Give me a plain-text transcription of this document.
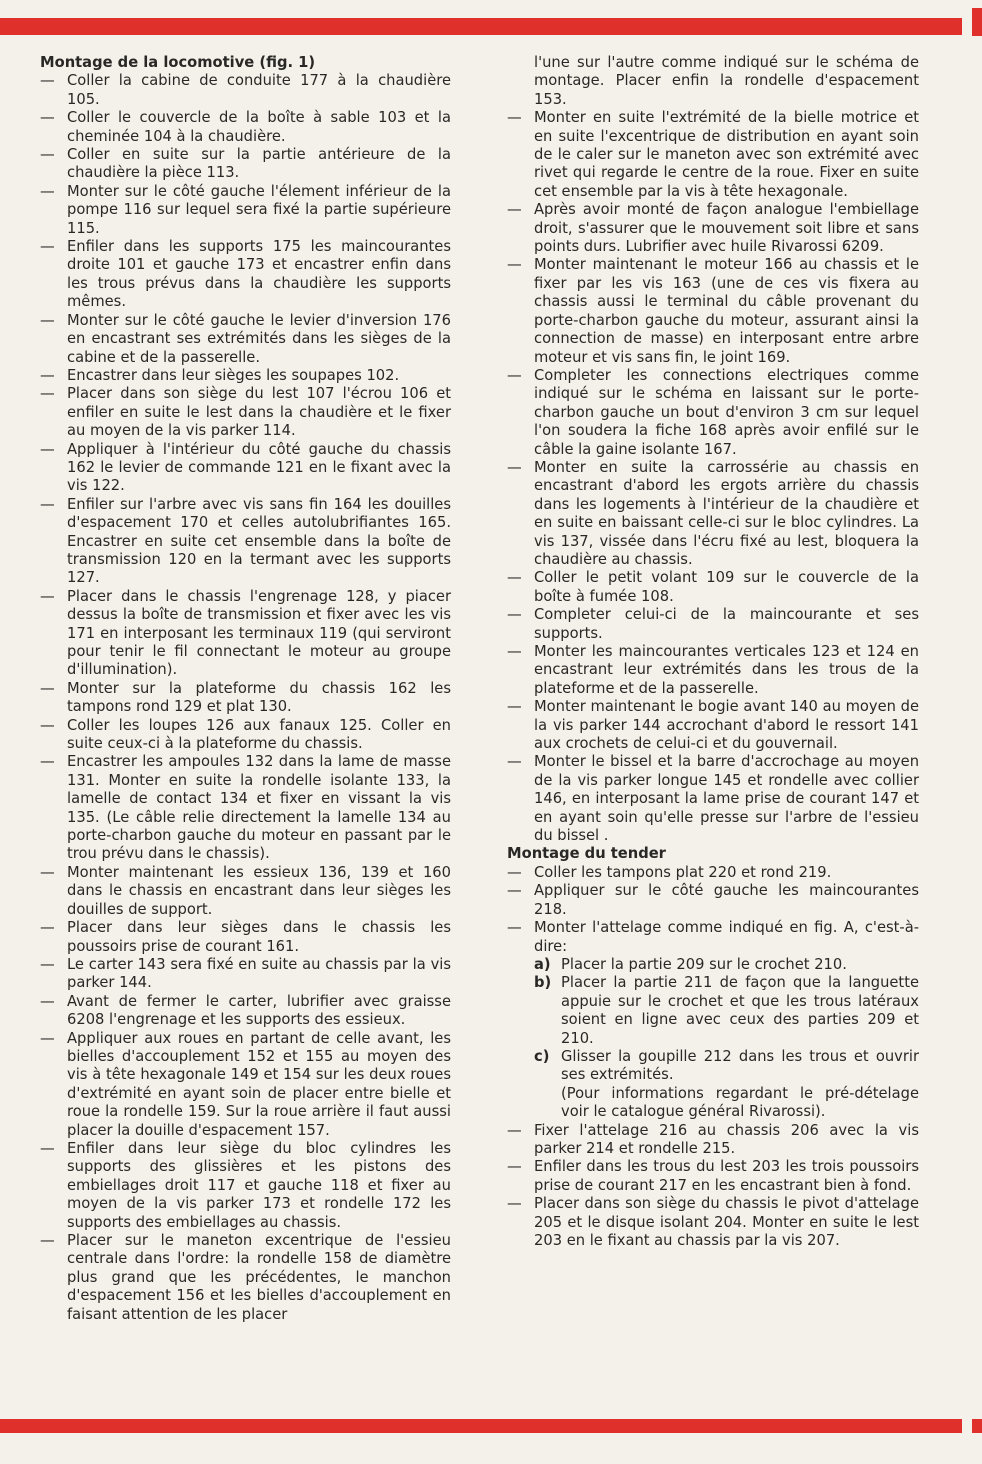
Montage de la locomotive (fig. 1)
— Coller la cabine de conduite 177 à la chaudière 105.
— Coller le couvercle de la boîte à sable 103 et la cheminée 104 à la chaudière.
— Coller en suite sur la partie antérieure de la chaudière la pièce 113.
— Monter sur le côté gauche l'élement inférieur de la pompe 116 sur lequel sera fixé la partie supérieure 115.
— Enfiler dans les supports 175 les maincourantes droite 101 et gauche 173 et encastrer enfin dans les trous prévus dans la chaudière les supports mêmes.
— Monter sur le côté gauche le levier d'inversion 176 en encastrant ses extrémités dans les sièges de la cabine et de la passerelle.
— Encastrer dans leur sièges les soupapes 102.
— Placer dans son siège du lest 107 l'écrou 106 et enfiler en suite le lest dans la chaudière et le fixer au moyen de la vis parker 114.
— Appliquer à l'intérieur du côté gauche du chassis 162 le levier de commande 121 en le fixant avec la vis 122.
— Enfiler sur l'arbre avec vis sans fin 164 les douilles d'espacement 170 et celles autolubrifiantes 165. Encastrer en suite cet ensemble dans la boîte de transmission 120 en la termant avec les supports 127.
— Placer dans le chassis l'engrenage 128, y piacer dessus la boîte de transmission et fixer avec les vis 171 en interposant les terminaux 119 (qui serviront pour tenir le fil connectant le moteur au groupe d'illumination).
— Monter sur la plateforme du chassis 162 les tampons rond 129 et plat 130.
— Coller les loupes 126 aux fanaux 125. Coller en suite ceux-ci à la plateforme du chassis.
— Encastrer les ampoules 132 dans la lame de masse 131. Monter en suite la rondelle isolante 133, la lamelle de contact 134 et fixer en vissant la vis 135. (Le câble relie directement la lamelle 134 au porte-charbon gauche du moteur en passant par le trou prévu dans le chassis).
— Monter maintenant les essieux 136, 139 et 160 dans le chassis en encastrant dans leur sièges les douilles de support.
— Placer dans leur sièges dans le chassis les poussoirs prise de courant 161.
— Le carter 143 sera fixé en suite au chassis par la vis parker 144.
— Avant de fermer le carter, lubrifier avec graisse 6208 l'engrenage et les supports des essieux.
— Appliquer aux roues en partant de celle avant, les bielles d'accouplement 152 et 155 au moyen des vis à tête hexagonale 149 et 154 sur les deux roues d'extrémité en ayant soin de placer entre bielle et roue la rondelle 159. Sur la roue arrière il faut aussi placer la douille d'espacement 157.
— Enfiler dans leur siège du bloc cylindres les supports des glissières et les pistons des embiellages droit 117 et gauche 118 et fixer au moyen de la vis parker 173 et rondelle 172 les supports des embiellages au chassis.
— Placer sur le maneton excentrique de l'essieu centrale dans l'ordre: la rondelle 158 de diamètre plus grand que les précédentes, le manchon d'espacement 156 et les bielles d'accouplement en faisant attention de les placer
l'une sur l'autre comme indiqué sur le schéma de montage. Placer enfin la rondelle d'espacement 153.
— Monter en suite l'extrémité de la bielle motrice et en suite l'excentrique de distribution en ayant soin de le caler sur le maneton avec son extrémité avec rivet qui regarde le centre de la roue. Fixer en suite cet ensemble par la vis à tête hexagonale.
— Après avoir monté de façon analogue l'embiellage droit, s'assurer que le mouvement soit libre et sans points durs. Lubrifier avec huile Rivarossi 6209.
— Monter maintenant le moteur 166 au chassis et le fixer par les vis 163 (une de ces vis fixera au chassis aussi le terminal du câble provenant du porte-charbon gauche du moteur, assurant ainsi la connection de masse) en interposant entre arbre moteur et vis sans fin, le joint 169.
— Completer les connections electriques comme indiqué sur le schéma en laissant sur le porte-charbon gauche un bout d'environ 3 cm sur lequel l'on soudera la fiche 168 après avoir enfilé sur le câble la gaine isolante 167.
— Monter en suite la carrossérie au chassis en encastrant d'abord les ergots arrière du chassis dans les logements à l'intérieur de la chaudière et en suite en baissant celle-ci sur le bloc cylindres. La vis 137, vissée dans l'écru fixé au lest, bloquera la chaudière au chassis.
— Coller le petit volant 109 sur le couvercle de la boîte à fumée 108.
— Completer celui-ci de la maincourante et ses supports.
— Monter les maincourantes verticales 123 et 124 en encastrant leur extrémités dans les trous de la plateforme et de la passerelle.
— Monter maintenant le bogie avant 140 au moyen de la vis parker 144 accrochant d'abord le ressort 141 aux crochets de celui-ci et du gouvernail.
— Monter le bissel et la barre d'accrochage au moyen de la vis parker longue 145 et rondelle avec collier 146, en interposant la lame prise de courant 147 et en ayant soin qu'elle presse sur l'arbre de l'essieu du bissel .
Montage du tender
— Coller les tampons plat 220 et rond 219.
— Appliquer sur le côté gauche les maincourantes 218.
— Monter l'attelage comme indiqué en fig. A, c'est-à-dire:
a) Placer la partie 209 sur le crochet 210.
b) Placer la partie 211 de façon que la languette appuie sur le crochet et que les trous latéraux soient en ligne avec ceux des parties 209 et 210.
c) Glisser la goupille 212 dans les trous et ouvrir ses extrémités.
(Pour informations regardant le pré-dételage voir le catalogue général Rivarossi).
— Fixer l'attelage 216 au chassis 206 avec la vis parker 214 et rondelle 215.
— Enfiler dans les trous du lest 203 les trois poussoirs prise de courant 217 en les encastrant bien à fond.
— Placer dans son siège du chassis le pivot d'attelage 205 et le disque isolant 204. Monter en suite le lest 203 en le fixant au chassis par la vis 207.
